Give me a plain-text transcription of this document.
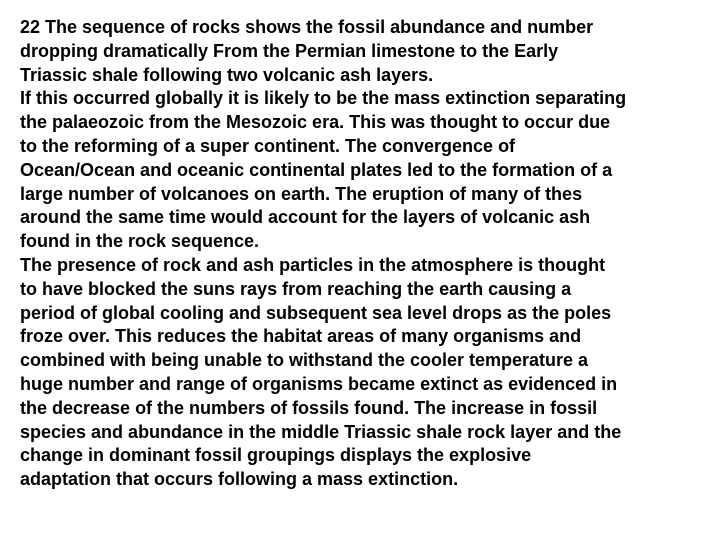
22 The sequence of rocks shows the fossil abundance and number
dropping dramatically From the Permian limestone to the Early
Triassic shale following two volcanic ash layers.
If this occurred globally it is likely to be the mass extinction separating
the palaeozoic from the Mesozoic era. This was thought to occur due
to the reforming of a super continent. The convergence of
Ocean/Ocean and oceanic continental plates led to the formation of a
large number of volcanoes on earth. The eruption of many of thes
around the same time would account for the layers of volcanic ash
found in the rock sequence.
The presence of rock and ash particles in the atmosphere is thought
to have blocked the suns rays from reaching the earth causing a
period of global cooling and subsequent sea level drops as the poles
froze over. This reduces the habitat areas of many organisms and
combined with being unable to withstand the cooler temperature a
huge number and range of organisms became extinct as evidenced in
the decrease of the numbers of fossils found. The increase in fossil
species and abundance in the middle Triassic shale rock layer and the
change in dominant fossil groupings displays the explosive
adaptation that occurs following a mass extinction.
